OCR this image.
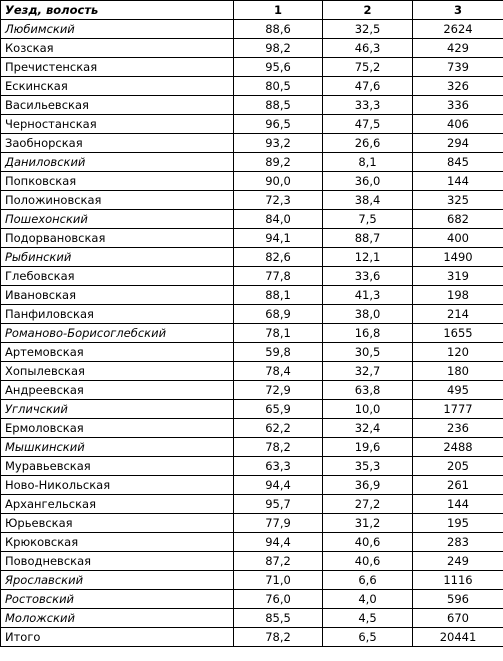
Уезд, волость	1	2	3
Любимский	88,6	32,5	2624
Козская	98,2	46,3	429
Пречистенская	95,6	75,2	739
Ескинская	80,5	47,6	326
Васильевская	88,5	33,3	336
Черностанская	96,5	47,5	406
Заобнорская	93,2	26,6	294
Даниловский	89,2	8,1	845
Попковская	90,0	36,0	144
Положиновская	72,3	38,4	325
Пошехонский	84,0	7,5	682
Подорвановская	94,1	88,7	400
Рыбинский	82,6	12,1	1490
Глебовская	77,8	33,6	319
Ивановская	88,1	41,3	198
Панфиловская	68,9	38,0	214
Романово-Борисоглебский	78,1	16,8	1655
Артемовская	59,8	30,5	120
Хопылевская	78,4	32,7	180
Андреевская	72,9	63,8	495
Угличский	65,9	10,0	1777
Ермоловская	62,2	32,4	236
Мышкинский	78,2	19,6	2488
Муравьевская	63,3	35,3	205
Ново-Никольская	94,4	36,9	261
Архангельская	95,7	27,2	144
Юрьевская	77,9	31,2	195
Крюковская	94,4	40,6	283
Поводневская	87,2	40,6	249
Ярославский	71,0	6,6	1116
Ростовский	76,0	4,0	596
Моложский	85,5	4,5	670
Итого	78,2	6,5	20441
